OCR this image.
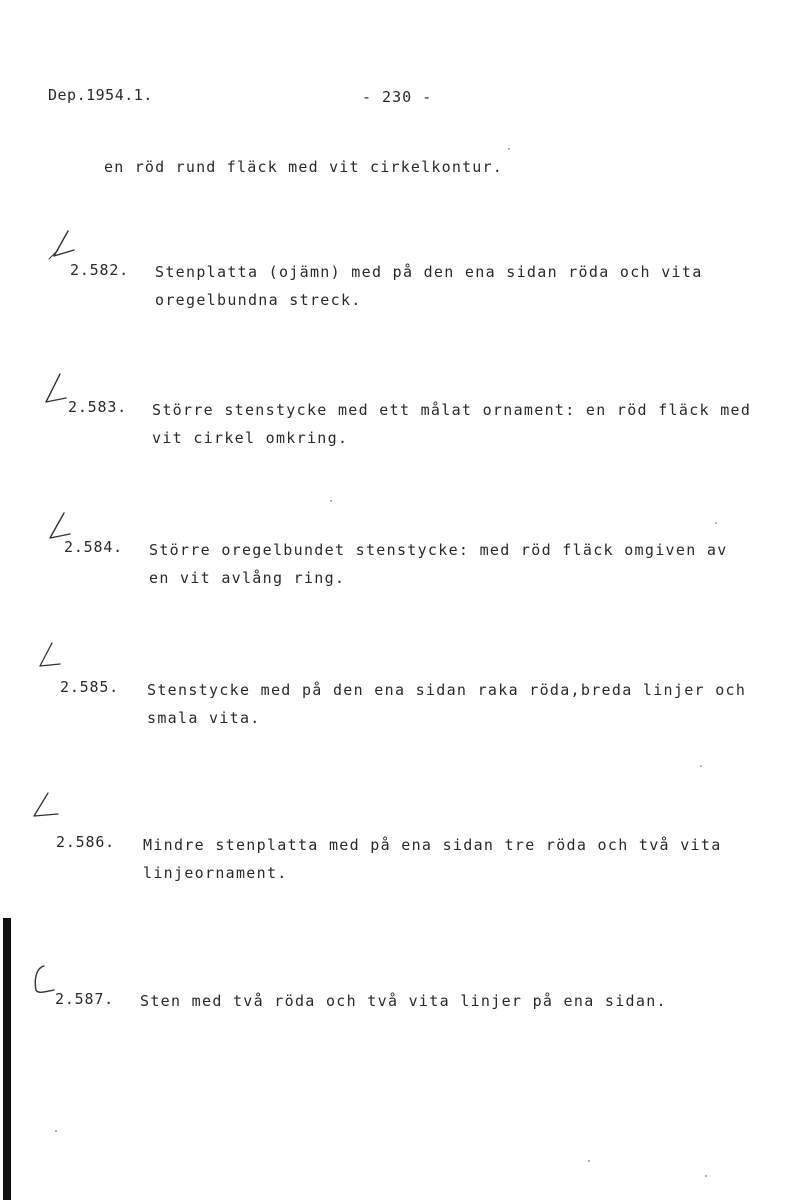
Dep.1954.1.	- 230 -
en röd rund fläck med vit cirkelkontur.
2.582. Stenplatta (ojämn) med på den ena sidan röda och vita
oregelbundna streck.
2.583. Större stenstycke med ett målat ornament: en röd fläck med
vit cirkel omkring.
2.584. Större oregelbundet stenstycke: med röd fläck omgiven av
en vit avlång ring.
2.585. Stenstycke med på den ena sidan raka röda,breda linjer och
smala vita.
2.586. Mindre stenplatta med på ena sidan tre röda och två vita
linjeornament.
2.587. Sten med två röda och två vita linjer på ena sidan.
